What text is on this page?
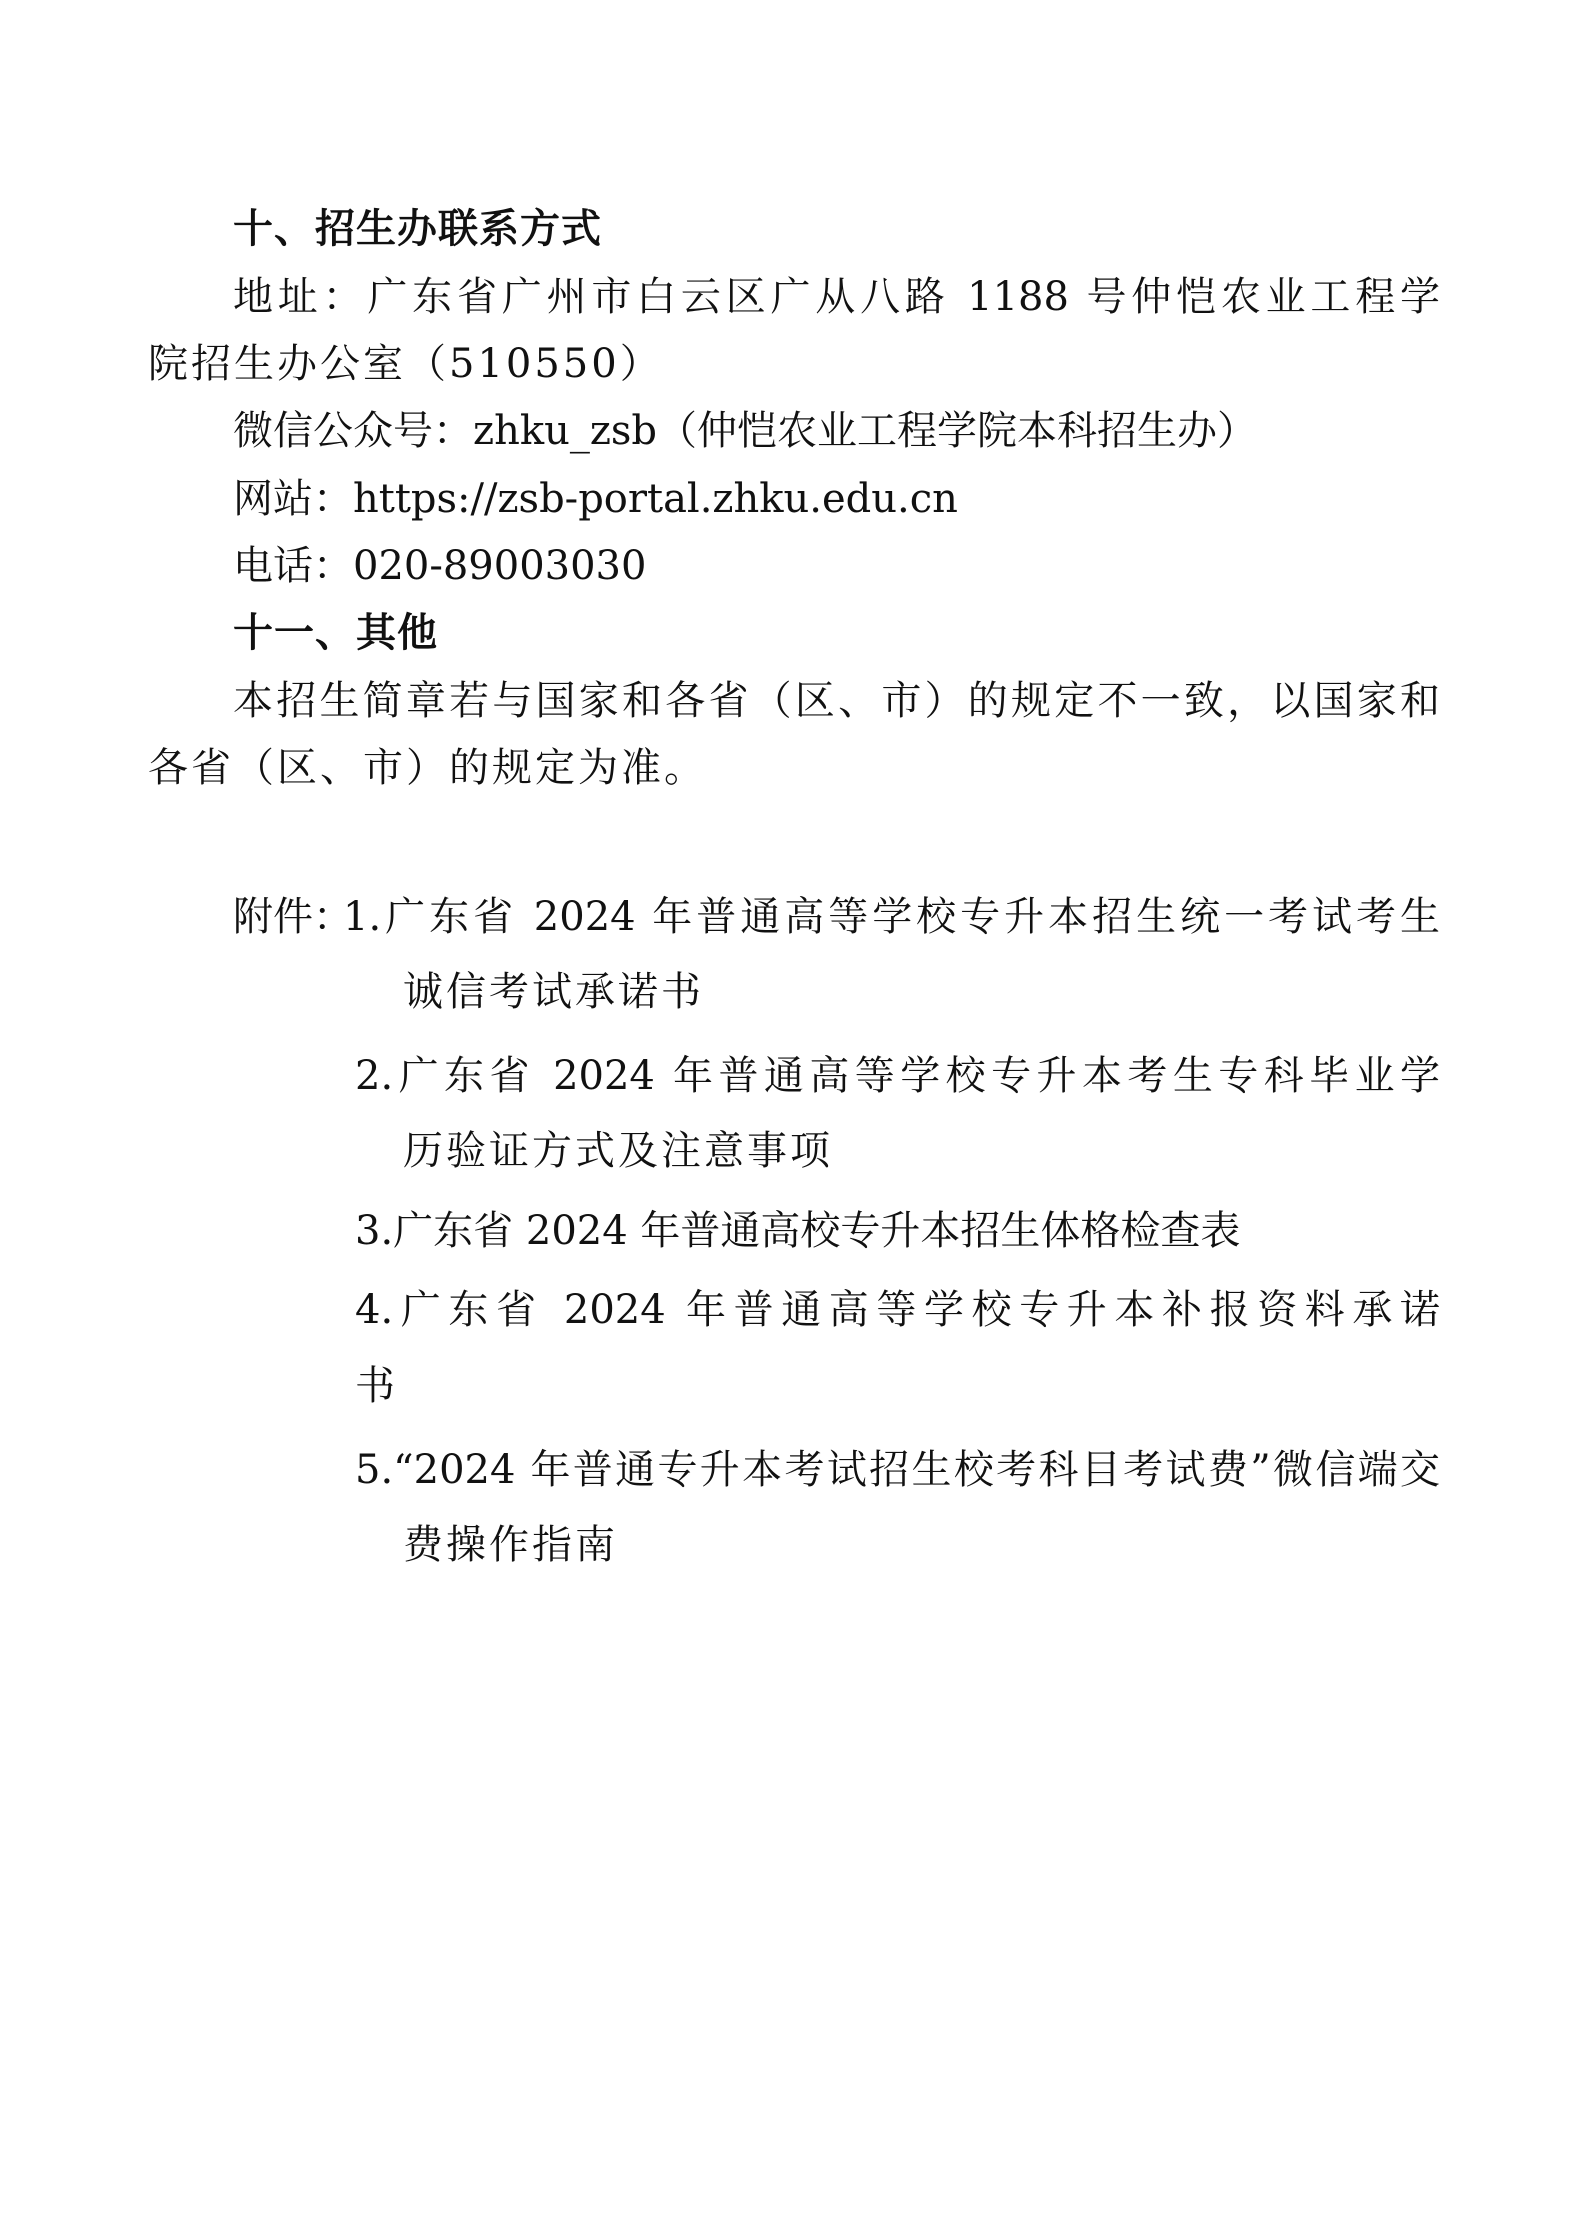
十、招生办联系方式
地址：广东省广州市白云区广从八路 1188 号仲恺农业工程学
院招生办公室（510550）
微信公众号：zhku_zsb（仲恺农业工程学院本科招生办）
网站：https://zsb-portal.zhku.edu.cn
电话：020-89003030
十一、其他
本招生简章若与国家和各省（区、市）的规定不一致，以国家和
各省（区、市）的规定为准。
附件：
1.广东省 2024 年普通高等学校专升本招生统一考试考生
诚信考试承诺书
2.广东省 2024 年普通高等学校专升本考生专科毕业学
历验证方式及注意事项
3.广东省 2024 年普通高校专升本招生体格检查表
4.广东省 2024 年普通高等学校专升本补报资料承诺
书
5.“2024 年普通专升本考试招生校考科目考试费”微信端交
费操作指南
